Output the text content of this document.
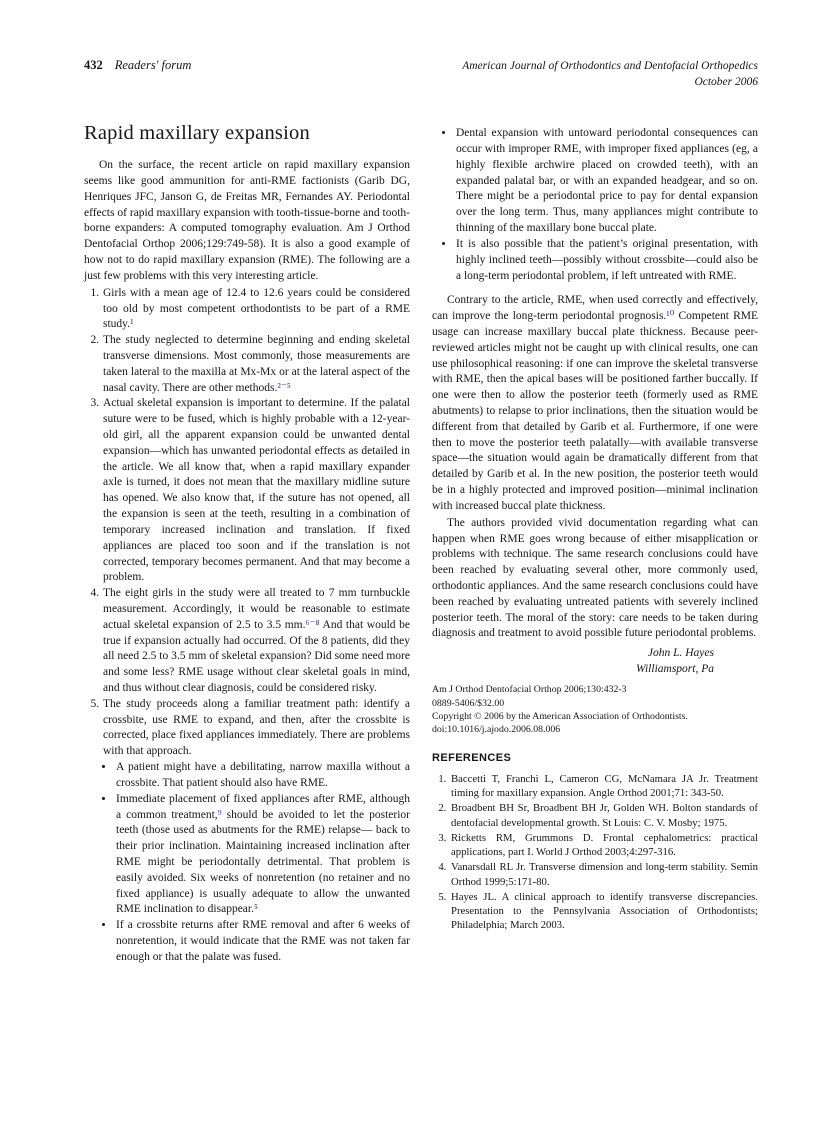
432 Readers' forum	American Journal of Orthodontics and Dentofacial Orthopedics
October 2006
Rapid maxillary expansion

On the surface, the recent article on rapid maxillary expansion seems like good ammunition for anti-RME factionists (Garib DG, Henriques JFC, Janson G, de Freitas MR, Fernandes AY. Periodontal effects of rapid maxillary expansion with tooth-tissue-borne and tooth-borne expanders: A computed tomography evaluation. Am J Orthod Dentofacial Orthop 2006;129:749-58). It is also a good example of how not to do rapid maxillary expansion (RME). The following are a just few problems with this very interesting article.

1. Girls with a mean age of 12.4 to 12.6 years could be considered too old by most competent orthodontists to be part of a RME study.¹
2. The study neglected to determine beginning and ending skeletal transverse dimensions. Most commonly, those measurements are taken lateral to the maxilla at Mx-Mx or at the lateral aspect of the nasal cavity. There are other methods.²⁻⁵
3. Actual skeletal expansion is important to determine. If the palatal suture were to be fused, which is highly probable with a 12-year-old girl, all the apparent expansion could be unwanted dental expansion—which has unwanted periodontal effects as detailed in the article. We all know that, when a rapid maxillary expander axle is turned, it does not mean that the maxillary midline suture has opened. We also know that, if the suture has not opened, all the expansion is seen at the teeth, resulting in a combination of temporary increased inclination and translation. If fixed appliances are placed too soon and if the translation is not corrected, temporary becomes permanent. And that may become a problem.
4. The eight girls in the study were all treated to 7 mm turnbuckle measurement. Accordingly, it would be reasonable to estimate actual skeletal expansion of 2.5 to 3.5 mm.⁶⁻⁸ And that would be true if expansion actually had occurred. Of the 8 patients, did they all need 2.5 to 3.5 mm of skeletal expansion? Did some need more and some less? RME usage without clear skeletal goals in mind, and thus without clear diagnosis, could be considered risky.
5. The study proceeds along a familiar treatment path: identify a crossbite, use RME to expand, and then, after the crossbite is corrected, place fixed appliances immediately. There are problems with that approach.
• A patient might have a debilitating, narrow maxilla without a crossbite. That patient should also have RME.
• Immediate placement of fixed appliances after RME, although a common treatment,⁹ should be avoided to let the posterior teeth (those used as abutments for the RME) relapse— back to their prior inclination. Maintaining increased inclination after RME might be periodontally detrimental. That problem is easily avoided. Six weeks of nonretention (no retainer and no fixed appliance) is usually adequate to allow the unwanted RME inclination to disappear.⁵
• If a crossbite returns after RME removal and after 6 weeks of nonretention, it would indicate that the RME was not taken far enough or that the palate was fused.
• Dental expansion with untoward periodontal consequences can occur with improper RME, with improper fixed appliances (eg, a highly flexible archwire placed on crowded teeth), with an expanded palatal bar, or with an expanded headgear, and so on. There might be a periodontal price to pay for dental expansion over the long term. Thus, many appliances might contribute to thinning of the maxillary bone buccal plate.
• It is also possible that the patient’s original presentation, with highly inclined teeth—possibly without crossbite—could also be a long-term periodontal problem, if left untreated with RME.

Contrary to the article, RME, when used correctly and effectively, can improve the long-term periodontal prognosis.¹⁰ Competent RME usage can increase maxillary buccal plate thickness. Because peer-reviewed articles might not be caught up with clinical results, one can use philosophical reasoning: if one can improve the skeletal transverse with RME, then the apical bases will be positioned farther buccally. If one were then to allow the posterior teeth (formerly used as RME abutments) to relapse to prior inclinations, then the situation would be different from that detailed by Garib et al. Furthermore, if one were then to move the posterior teeth palatally—with available transverse space—the situation would again be dramatically different from that detailed by Garib et al. In the new position, the posterior teeth would be in a highly protected and improved position—minimal inclination with increased buccal plate thickness.

The authors provided vivid documentation regarding what can happen when RME goes wrong because of either misapplication or problems with technique. The same research conclusions could have been reached by evaluating several other, more commonly used, orthodontic appliances. And the same research conclusions could have been reached by evaluating untreated patients with severely inclined posterior teeth. The moral of the story: care needs to be taken during diagnosis and treatment to avoid possible future periodontal problems.

John L. Hayes
Williamsport, Pa
Am J Orthod Dentofacial Orthop 2006;130:432-3
0889-5406/$32.00
Copyright © 2006 by the American Association of Orthodontists.
doi:10.1016/j.ajodo.2006.08.006
REFERENCES
1. Baccetti T, Franchi L, Cameron CG, McNamara JA Jr. Treatment timing for maxillary expansion. Angle Orthod 2001;71: 343-50.
2. Broadbent BH Sr, Broadbent BH Jr, Golden WH. Bolton standards of dentofacial developmental growth. St Louis: C. V. Mosby; 1975.
3. Ricketts RM, Grummons D. Frontal cephalometrics: practical applications, part I. World J Orthod 2003;4:297-316.
4. Vanarsdall RL Jr. Transverse dimension and long-term stability. Semin Orthod 1999;5:171-80.
5. Hayes JL. A clinical approach to identify transverse discrepancies. Presentation to the Pennsylvania Association of Orthodontists; Philadelphia; March 2003.
